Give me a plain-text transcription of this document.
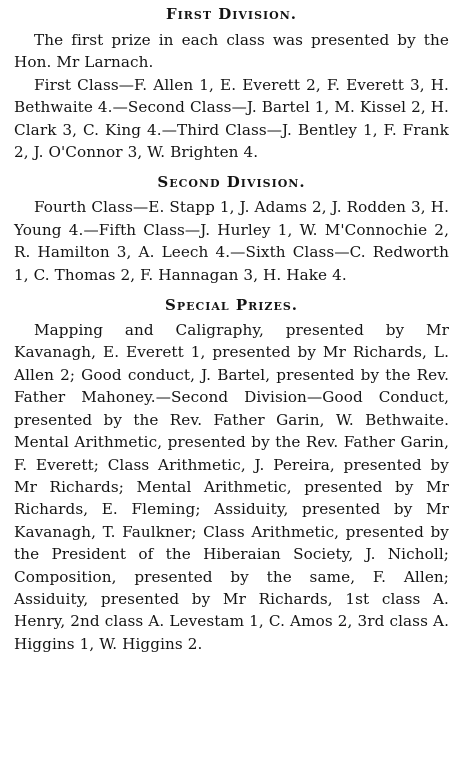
First Division.

The first prize in each class was presented by the Hon. Mr Larnach.

First Class—F. Allen 1, E. Everett 2, F. Everett 3, H. Bethwaite 4.—Second Class—J. Bartel 1, M. Kissel 2, H. Clark 3, C. King 4.—Third Class—J. Bentley 1, F. Frank 2, J. O'Connor 3, W. Brighten 4.

Second Division.

Fourth Class—E. Stapp 1, J. Adams 2, J. Rodden 3, H. Young 4.—Fifth Class—J. Hurley 1, W. M'Connochie 2, R. Hamilton 3, A. Leech 4.—Sixth Class—C. Redworth 1, C. Thomas 2, F. Hannagan 3, H. Hake 4.

Special Prizes.

Mapping and Caligraphy, presented by Mr Kavanagh, E. Everett 1, presented by Mr Richards, L. Allen 2; Good conduct, J. Bartel, presented by the Rev. Father Mahoney.—Second Division—Good Conduct, presented by the Rev. Father Garin, W. Bethwaite. Mental Arithmetic, presented by the Rev. Father Garin, F. Everett; Class Arithmetic, J. Pereira, presented by Mr Richards; Mental Arithmetic, presented by Mr Richards, E. Fleming; Assiduity, presented by Mr Kavanagh, T. Faulkner; Class Arithmetic, presented by the President of the Hiberaian Society, J. Nicholl; Composition, presented by the same, F. Allen; Assiduity, presented by Mr Richards, 1st class A. Henry, 2nd class A. Levestam 1, C. Amos 2, 3rd class A. Higgins 1, W. Higgins 2.
